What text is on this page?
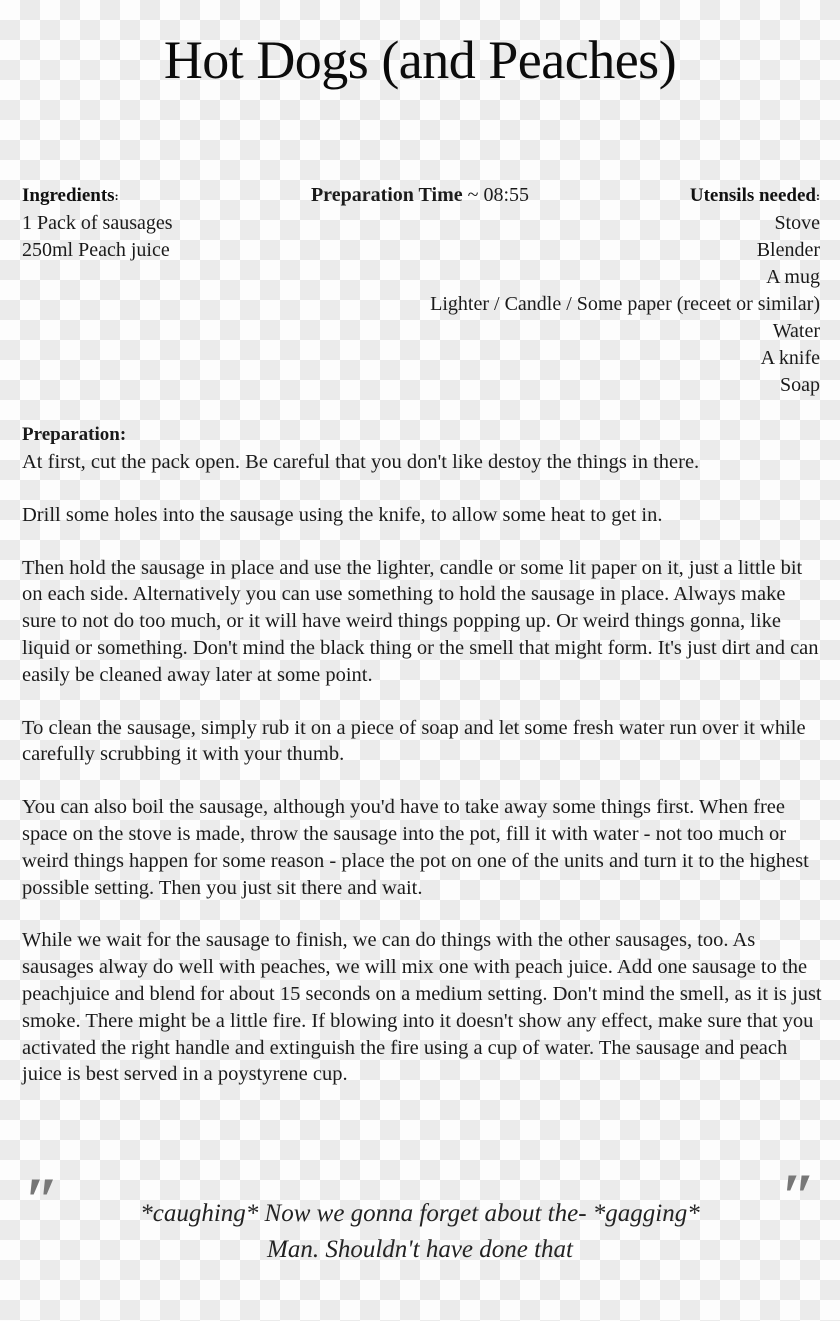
Hot Dogs (and Peaches)
Ingredients:
1 Pack of sausages
250ml Peach juice
Preparation Time ~ 08:55	Utensils needed:
Stove
Blender
A mug
Lighter / Candle / Some paper (receet or similar)
Water
A knife
Soap
Preparation:

At first, cut the pack open. Be careful that you don't like destoy the things in there.

Drill some holes into the sausage using the knife, to allow some heat to get in.

Then hold the sausage in place and use the lighter, candle or some lit paper on it, just a little bit on each side. Alternatively you can use something to hold the sausage in place. Always make sure to not do too much, or it will have weird things popping up. Or weird things gonna, like liquid or something. Don't mind the black thing or the smell that might form. It's just dirt and can easily be cleaned away later at some point.

To clean the sausage, simply rub it on a piece of soap and let some fresh water run over it while carefully scrubbing it with your thumb.

You can also boil the sausage, although you'd have to take away some things first. When free space on the stove is made, throw the sausage into the pot, fill it with water - not too much or weird things happen for some reason - place the pot on one of the units and turn it to the highest possible setting. Then you just sit there and wait.

While we wait for the sausage to finish, we can do things with the other sausages, too. As sausages alway do well with peaches, we will mix one with peach juice. Add one sausage to the peachjuice and blend for about 15 seconds on a medium setting. Don't mind the smell, as it is just smoke. There might be a little fire. If blowing into it doesn't show any effect, make sure that you activated the right handle and extinguish the fire using a cup of water. The sausage and peach juice is best served in a poystyrene cup.

″	″
*caughing* Now we gonna forget about the- *gagging*
Man. Shouldn't have done that
